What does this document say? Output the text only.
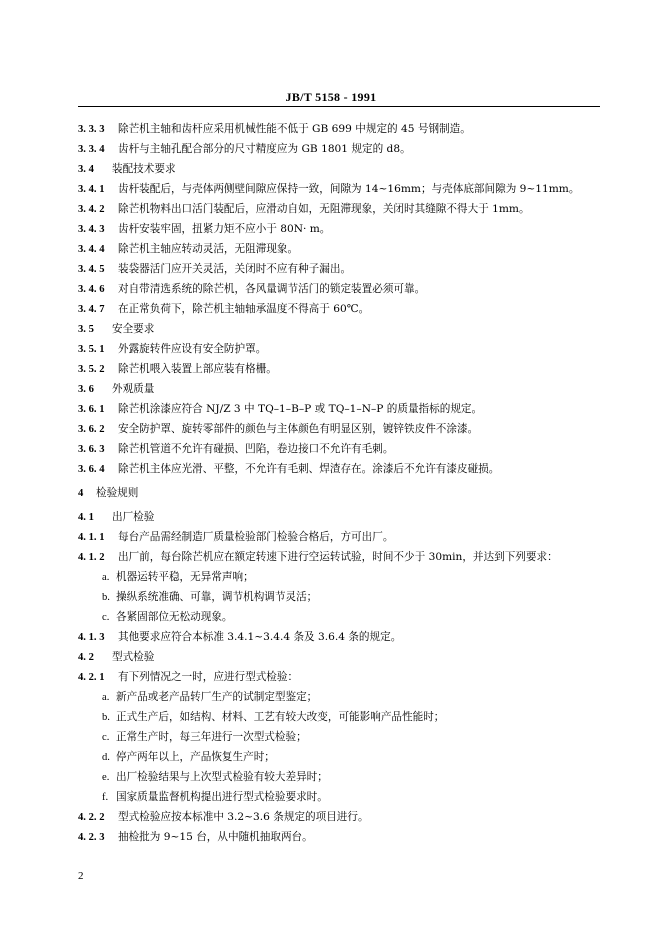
JB/T 5158 - 1991
3. 3. 3 除芒机主轴和齿杆应采用机械性能不低于 GB 699 中规定的 45 号钢制造。
3. 3. 4 齿杆与主轴孔配合部分的尺寸精度应为 GB 1801 规定的 d8。
3. 4 装配技术要求
3. 4. 1 齿杆装配后，与壳体两侧壁间隙应保持一致，间隙为 14~16mm；与壳体底部间隙为 9~11mm。
3. 4. 2 除芒机物料出口活门装配后，应滑动自如，无阻滞现象，关闭时其缝隙不得大于 1mm。
3. 4. 3 齿杆安装牢固，扭紧力矩不应小于 80N· m。
3. 4. 4 除芒机主轴应转动灵活，无阻滞现象。
3. 4. 5 装袋器活门应开关灵活，关闭时不应有种子漏出。
3. 4. 6 对自带清选系统的除芒机，各风量调节活门的锁定装置必须可靠。
3. 4. 7 在正常负荷下，除芒机主轴轴承温度不得高于 60℃。
3. 5 安全要求
3. 5. 1 外露旋转件应设有安全防护罩。
3. 5. 2 除芒机喂入装置上部应装有格栅。
3. 6 外观质量
3. 6. 1 除芒机涂漆应符合 NJ/Z 3 中 TQ–1–B–P 或 TQ–1–N–P 的质量指标的规定。
3. 6. 2 安全防护罩、旋转零部件的颜色与主体颜色有明显区别，镀锌铁皮件不涂漆。
3. 6. 3 除芒机管道不允许有碰损、凹陷，卷边接口不允许有毛刺。
3. 6. 4 除芒机主体应光滑、平整，不允许有毛刺、焊渣存在。涂漆后不允许有漆皮碰损。
4 检验规则
4. 1 出厂检验
4. 1. 1 每台产品需经制造厂质量检验部门检验合格后，方可出厂。
4. 1. 2 出厂前，每台除芒机应在额定转速下进行空运转试验，时间不少于 30min，并达到下列要求：
a. 机器运转平稳，无异常声响；
b. 操纵系统准确、可靠，调节机构调节灵活；
c. 各紧固部位无松动现象。
4. 1. 3 其他要求应符合本标准 3.4.1~3.4.4 条及 3.6.4 条的规定。
4. 2 型式检验
4. 2. 1 有下列情况之一时，应进行型式检验：
a. 新产品或老产品转厂生产的试制定型鉴定；
b. 正式生产后，如结构、材料、工艺有较大改变，可能影响产品性能时；
c. 正常生产时，每三年进行一次型式检验；
d. 停产两年以上，产品恢复生产时；
e. 出厂检验结果与上次型式检验有较大差异时；
f. 国家质量监督机构提出进行型式检验要求时。
4. 2. 2 型式检验应按本标准中 3.2~3.6 条规定的项目进行。
4. 2. 3 抽检批为 9~15 台，从中随机抽取两台。
2
